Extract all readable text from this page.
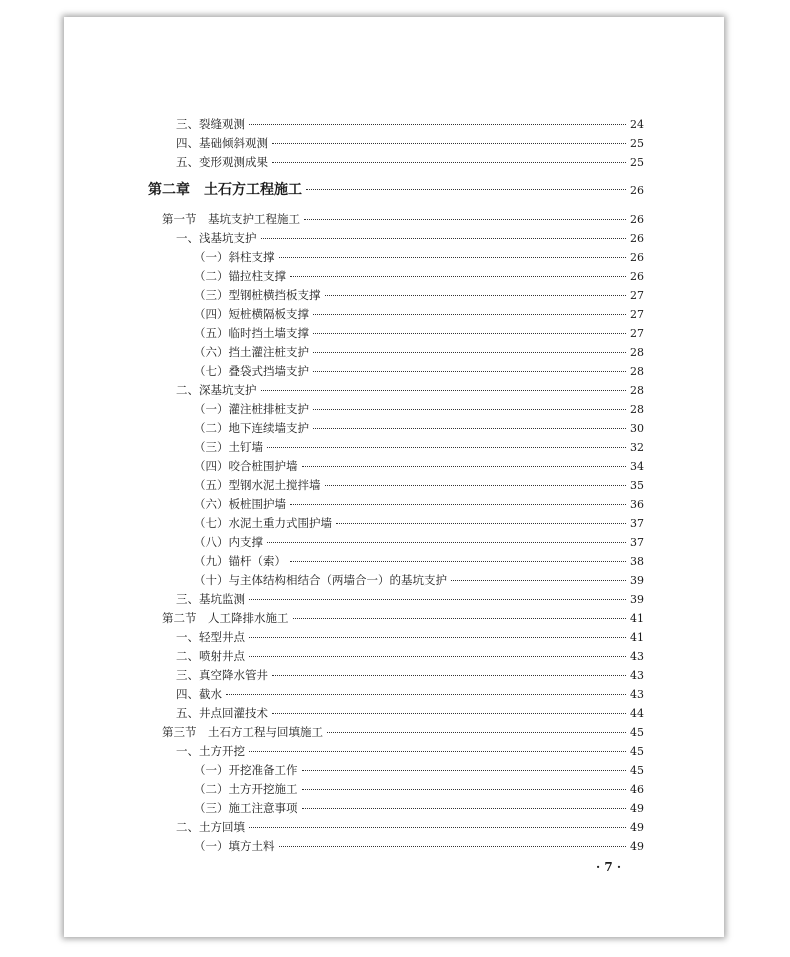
三、裂缝观测	24
四、基础倾斜观测	25
五、变形观测成果	25
第二章　土石方工程施工	26
第一节　基坑支护工程施工	26
一、浅基坑支护	26
（一）斜柱支撑	26
（二）锚拉柱支撑	26
（三）型钢桩横挡板支撑	27
（四）短桩横隔板支撑	27
（五）临时挡土墙支撑	27
（六）挡土灌注桩支护	28
（七）叠袋式挡墙支护	28
二、深基坑支护	28
（一）灌注桩排桩支护	28
（二）地下连续墙支护	30
（三）土钉墙	32
（四）咬合桩围护墙	34
（五）型钢水泥土搅拌墙	35
（六）板桩围护墙	36
（七）水泥土重力式围护墙	37
（八）内支撑	37
（九）锚杆（索）	38
（十）与主体结构相结合（两墙合一）的基坑支护	39
三、基坑监测	39
第二节　人工降排水施工	41
一、轻型井点	41
二、喷射井点	43
三、真空降水管井	43
四、截水	43
五、井点回灌技术	44
第三节　土石方工程与回填施工	45
一、土方开挖	45
（一）开挖准备工作	45
（二）土方开挖施工	46
（三）施工注意事项	49
二、土方回填	49
（一）填方土料	49
· 7 ·
